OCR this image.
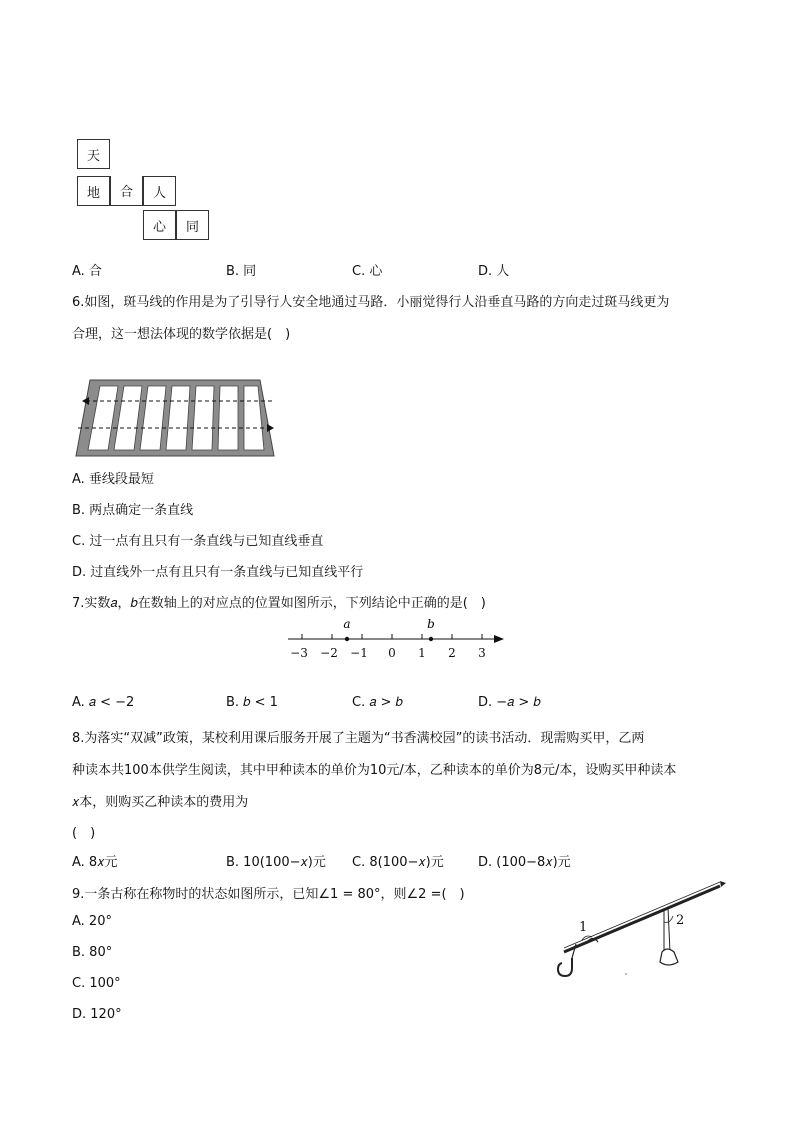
天
地	合	人
心	同
A. 合	B. 同	C. 心	D. 人
6.如图，斑马线的作用是为了引导行人安全地通过马路．小丽觉得行人沿垂直马路的方向走过斑马线更为
合理，这一想法体现的数学依据是(　)
A. 垂线段最短
B. 两点确定一条直线
C. 过一点有且只有一条直线与已知直线垂直
D. 过直线外一点有且只有一条直线与已知直线平行
7.实数𝑎，𝑏在数轴上的对应点的位置如图所示，下列结论中正确的是(　)
−3 −2 −1 0 1 2 3
a	b
A. 𝑎 < −2	B. 𝑏 < 1	C. 𝑎 > 𝑏	D. −𝑎 > 𝑏
8.为落实“双减”政策，某校利用课后服务开展了主题为“书香满校园”的读书活动．现需购买甲，乙两
种读本共100本供学生阅读，其中甲种读本的单价为10元/本，乙种读本的单价为8元/本，设购买甲种读本
𝑥本，则购买乙种读本的费用为
(　)
A. 8𝑥元	B. 10(100−𝑥)元 C. 8(100−𝑥)元	D. (100−8𝑥)元
9.一条古称在称物时的状态如图所示，已知∠1 = 80°，则∠2 =(　)
A. 20°
B. 80°
C. 100°
D. 120°
1	2
